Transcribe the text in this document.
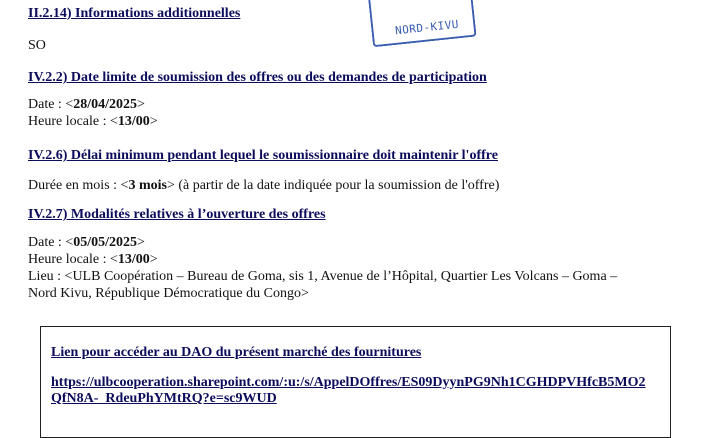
NORD-KIVU
II.2.14) Informations additionnelles
SO
IV.2.2) Date limite de soumission des offres ou des demandes de participation
Date : <28/04/2025>
Heure locale : <13/00>
IV.2.6) Délai minimum pendant lequel le soumissionnaire doit maintenir l'offre
Durée en mois : <3 mois> (à partir de la date indiquée pour la soumission de l'offre)
IV.2.7) Modalités relatives à l’ouverture des offres
Date : <05/05/2025>
Heure locale : <13/00>
Lieu : <ULB Coopération – Bureau de Goma, sis 1, Avenue de l’Hôpital, Quartier Les Volcans – Goma –
Nord Kivu, République Démocratique du Congo>
Lien pour accéder au DAO du présent marché des fournitures
https://ulbcooperation.sharepoint.com/:u:/s/AppelDOffres/ES09DyynPG9Nh1CGHDPVHfcB5MO2QfN8A-_RdeuPhYMtRQ?e=sc9WUD
